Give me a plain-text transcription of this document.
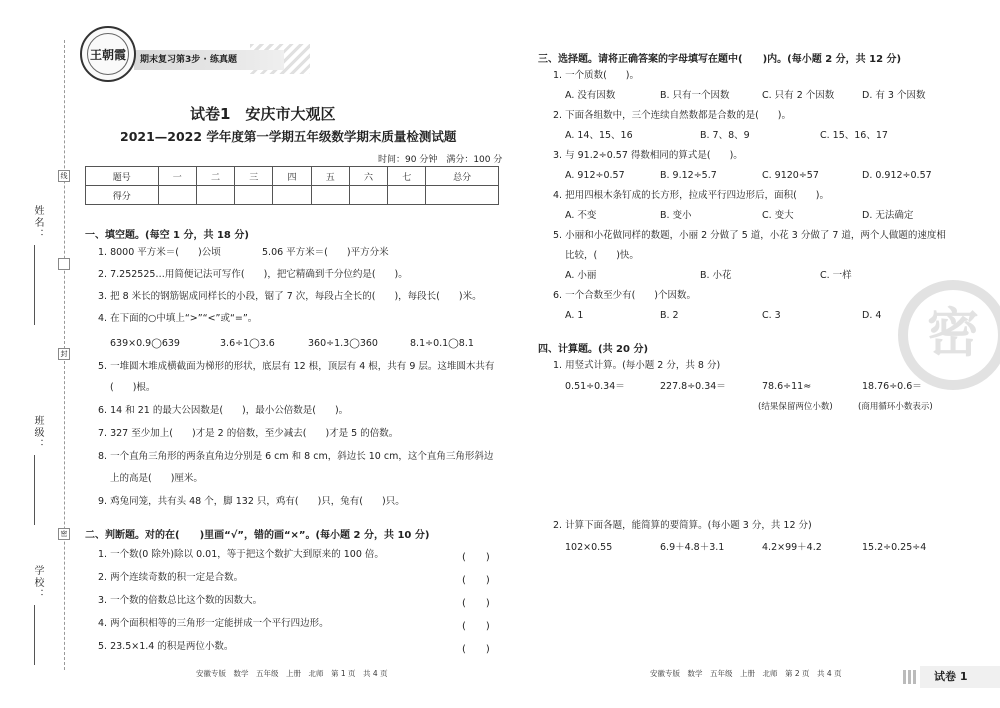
线
封
密
姓名：
班级：
学校：
期末复习第3步 · 练真题
王朝霞
试卷1　安庆市大观区
2021—2022 学年度第一学期五年级数学期末质量检测试题
时间：90 分钟　满分：100 分
题号	一	二	三	四	五	六	七	总分
得分								
一、填空题。(每空 1 分，共 18 分)
1. 8000 平方米＝(　　)公顷	5.06 平方米＝(　　)平方分米
2. 7.252525…用简便记法可写作(　　)，把它精确到千分位约是(　　)。
3. 把 8 米长的钢筋锯成同样长的小段，锯了 7 次，每段占全长的(　　)，每段长(　　)米。
4. 在下面的○中填上“>”“<”或“=”。
639×0.9◯639	3.6÷1◯3.6	360÷1.3◯360	8.1÷0.1◯8.1
5. 一堆圆木堆成横截面为梯形的形状，底层有 12 根，顶层有 4 根，共有 9 层。这堆圆木共有
(　　)根。
6. 14 和 21 的最大公因数是(　　)，最小公倍数是(　　)。
7. 327 至少加上(　　)才是 2 的倍数，至少减去(　　)才是 5 的倍数。
8. 一个直角三角形的两条直角边分别是 6 cm 和 8 cm，斜边长 10 cm，这个直角三角形斜边
上的高是(　　)厘米。
9. 鸡兔同笼，共有头 48 个，脚 132 只，鸡有(　　)只，兔有(　　)只。
二、判断题。对的在(　　)里画“√”，错的画“×”。(每小题 2 分，共 10 分)
1. 一个数(0 除外)除以 0.01，等于把这个数扩大到原来的 100 倍。	(　　)
2. 两个连续奇数的积一定是合数。	(　　)
3. 一个数的倍数总比这个数的因数大。	(　　)
4. 两个面积相等的三角形一定能拼成一个平行四边形。	(　　)
5. 23.5×1.4 的积是两位小数。	(　　)
安徽专版　数学　五年级　上册　北师　第 1 页　共 4 页
三、选择题。请将正确答案的字母填写在题中(　　)内。(每小题 2 分，共 12 分)
1. 一个质数(　　)。
A. 没有因数	B. 只有一个因数	C. 只有 2 个因数	D. 有 3 个因数
2. 下面各组数中，三个连续自然数都是合数的是(　　)。
A. 14、15、16	B. 7、8、9	C. 15、16、17
3. 与 91.2÷0.57 得数相同的算式是(　　)。
A. 912÷0.57	B. 9.12÷5.7	C. 9120÷57	D. 0.912÷0.57
4. 把用四根木条钉成的长方形，拉成平行四边形后，面积(　　)。
A. 不变	B. 变小	C. 变大	D. 无法确定
5. 小丽和小花做同样的数题，小丽 2 分做了 5 道，小花 3 分做了 7 道，两个人做题的速度相
比较，(　　)快。
A. 小丽	B. 小花	C. 一样
6. 一个合数至少有(　　)个因数。
A. 1	B. 2	C. 3	D. 4
四、计算题。(共 20 分)
1. 用竖式计算。(每小题 2 分，共 8 分)
0.51÷0.34＝	227.8÷0.34＝	78.6÷11≈	18.76÷0.6＝
(结果保留两位小数)	(商用循环小数表示)
2. 计算下面各题，能简算的要简算。(每小题 3 分，共 12 分)
102×0.55	6.9＋4.8＋3.1	4.2×99＋4.2	15.2÷0.25÷4
安徽专版　数学　五年级　上册　北师　第 2 页　共 4 页
密
试卷 1
